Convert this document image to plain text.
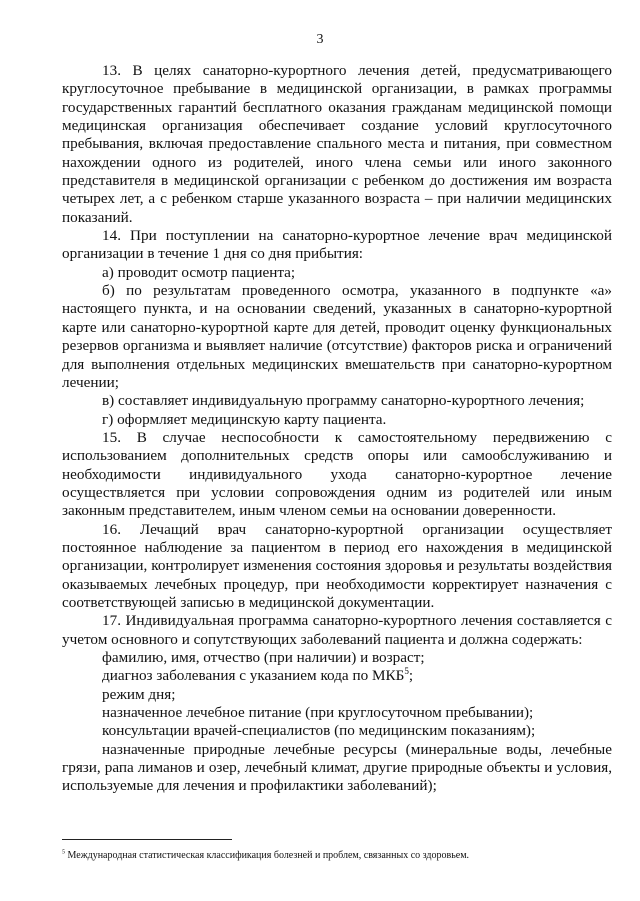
3

13. В целях санаторно-курортного лечения детей, предусматривающего круглосуточное пребывание в медицинской организации, в рамках программы государственных гарантий бесплатного оказания гражданам медицинской помощи медицинская организация обеспечивает создание условий круглосуточного пребывания, включая предоставление спального места и питания, при совместном нахождении одного из родителей, иного члена семьи или иного законного представителя в медицинской организации с ребенком до достижения им возраста четырех лет, а с ребенком старше указанного возраста – при наличии медицинских показаний.

14. При поступлении на санаторно-курортное лечение врач медицинской организации в течение 1 дня со дня прибытия:

а) проводит осмотр пациента;

б) по результатам проведенного осмотра, указанного в подпункте «а» настоящего пункта, и на основании сведений, указанных в санаторно-курортной карте или санаторно-курортной карте для детей, проводит оценку функциональных резервов организма и выявляет наличие (отсутствие) факторов риска и ограничений для выполнения отдельных медицинских вмешательств при санаторно-курортном лечении;

в) составляет индивидуальную программу санаторно-курортного лечения;

г) оформляет медицинскую карту пациента.

15. В случае неспособности к самостоятельному передвижению с использованием дополнительных средств опоры или самообслуживанию и необходимости индивидуального ухода санаторно-курортное лечение осуществляется при условии сопровождения одним из родителей или иным законным представителем, иным членом семьи на основании доверенности.

16. Лечащий врач санаторно-курортной организации осуществляет постоянное наблюдение за пациентом в период его нахождения в медицинской организации, контролирует изменения состояния здоровья и результаты воздействия оказываемых лечебных процедур, при необходимости корректирует назначения с соответствующей записью в медицинской документации.

17. Индивидуальная программа санаторно-курортного лечения составляется с учетом основного и сопутствующих заболеваний пациента и должна содержать:

фамилию, имя, отчество (при наличии) и возраст;

диагноз заболевания с указанием кода по МКБ$^5$;

режим дня;

назначенное лечебное питание (при круглосуточном пребывании);

консультации врачей-специалистов (по медицинским показаниям);

назначенные природные лечебные ресурсы (минеральные воды, лечебные грязи, рапа лиманов и озер, лечебный климат, другие природные объекты и условия, используемые для лечения и профилактики заболеваний);

$^5$ Международная статистическая классификация болезней и проблем, связанных со здоровьем.
